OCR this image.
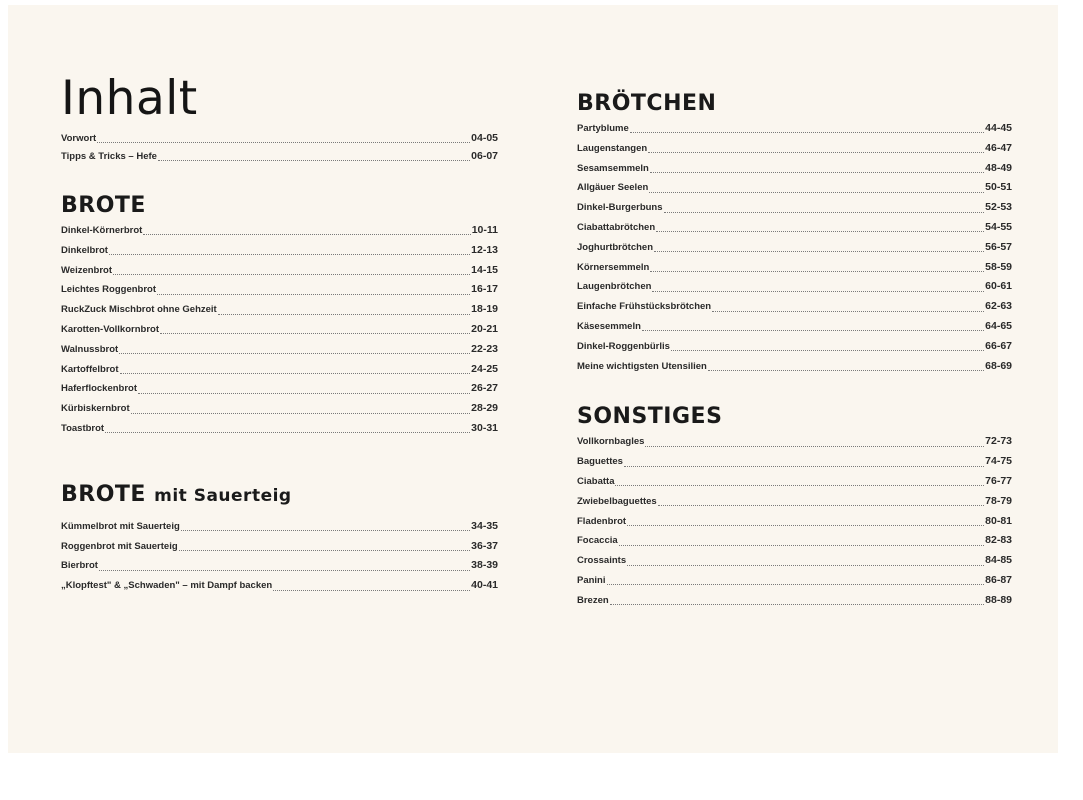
Inhalt
Vorwort	04-05
Tipps & Tricks – Hefe	06-07
BROTE
Dinkel-Körnerbrot	10-11
Dinkelbrot	12-13
Weizenbrot	14-15
Leichtes Roggenbrot	16-17
RuckZuck Mischbrot ohne Gehzeit	18-19
Karotten-Vollkornbrot	20-21
Walnussbrot	22-23
Kartoffelbrot	24-25
Haferflockenbrot	26-27
Kürbiskernbrot	28-29
Toastbrot	30-31
BROTE mit Sauerteig
Kümmelbrot mit Sauerteig	34-35
Roggenbrot mit Sauerteig	36-37
Bierbrot	38-39
„Klopftest" & „Schwaden" – mit Dampf backen	40-41
BRÖTCHEN
Partyblume	44-45
Laugenstangen	46-47
Sesamsemmeln	48-49
Allgäuer Seelen	50-51
Dinkel-Burgerbuns	52-53
Ciabattabrötchen	54-55
Joghurtbrötchen	56-57
Körnersemmeln	58-59
Laugenbrötchen	60-61
Einfache Frühstücksbrötchen	62-63
Käsesemmeln	64-65
Dinkel-Roggenbürlis	66-67
Meine wichtigsten Utensilien	68-69
SONSTIGES
Vollkornbagles	72-73
Baguettes	74-75
Ciabatta	76-77
Zwiebelbaguettes	78-79
Fladenbrot	80-81
Focaccia	82-83
Crossaints	84-85
Panini	86-87
Brezen	88-89
